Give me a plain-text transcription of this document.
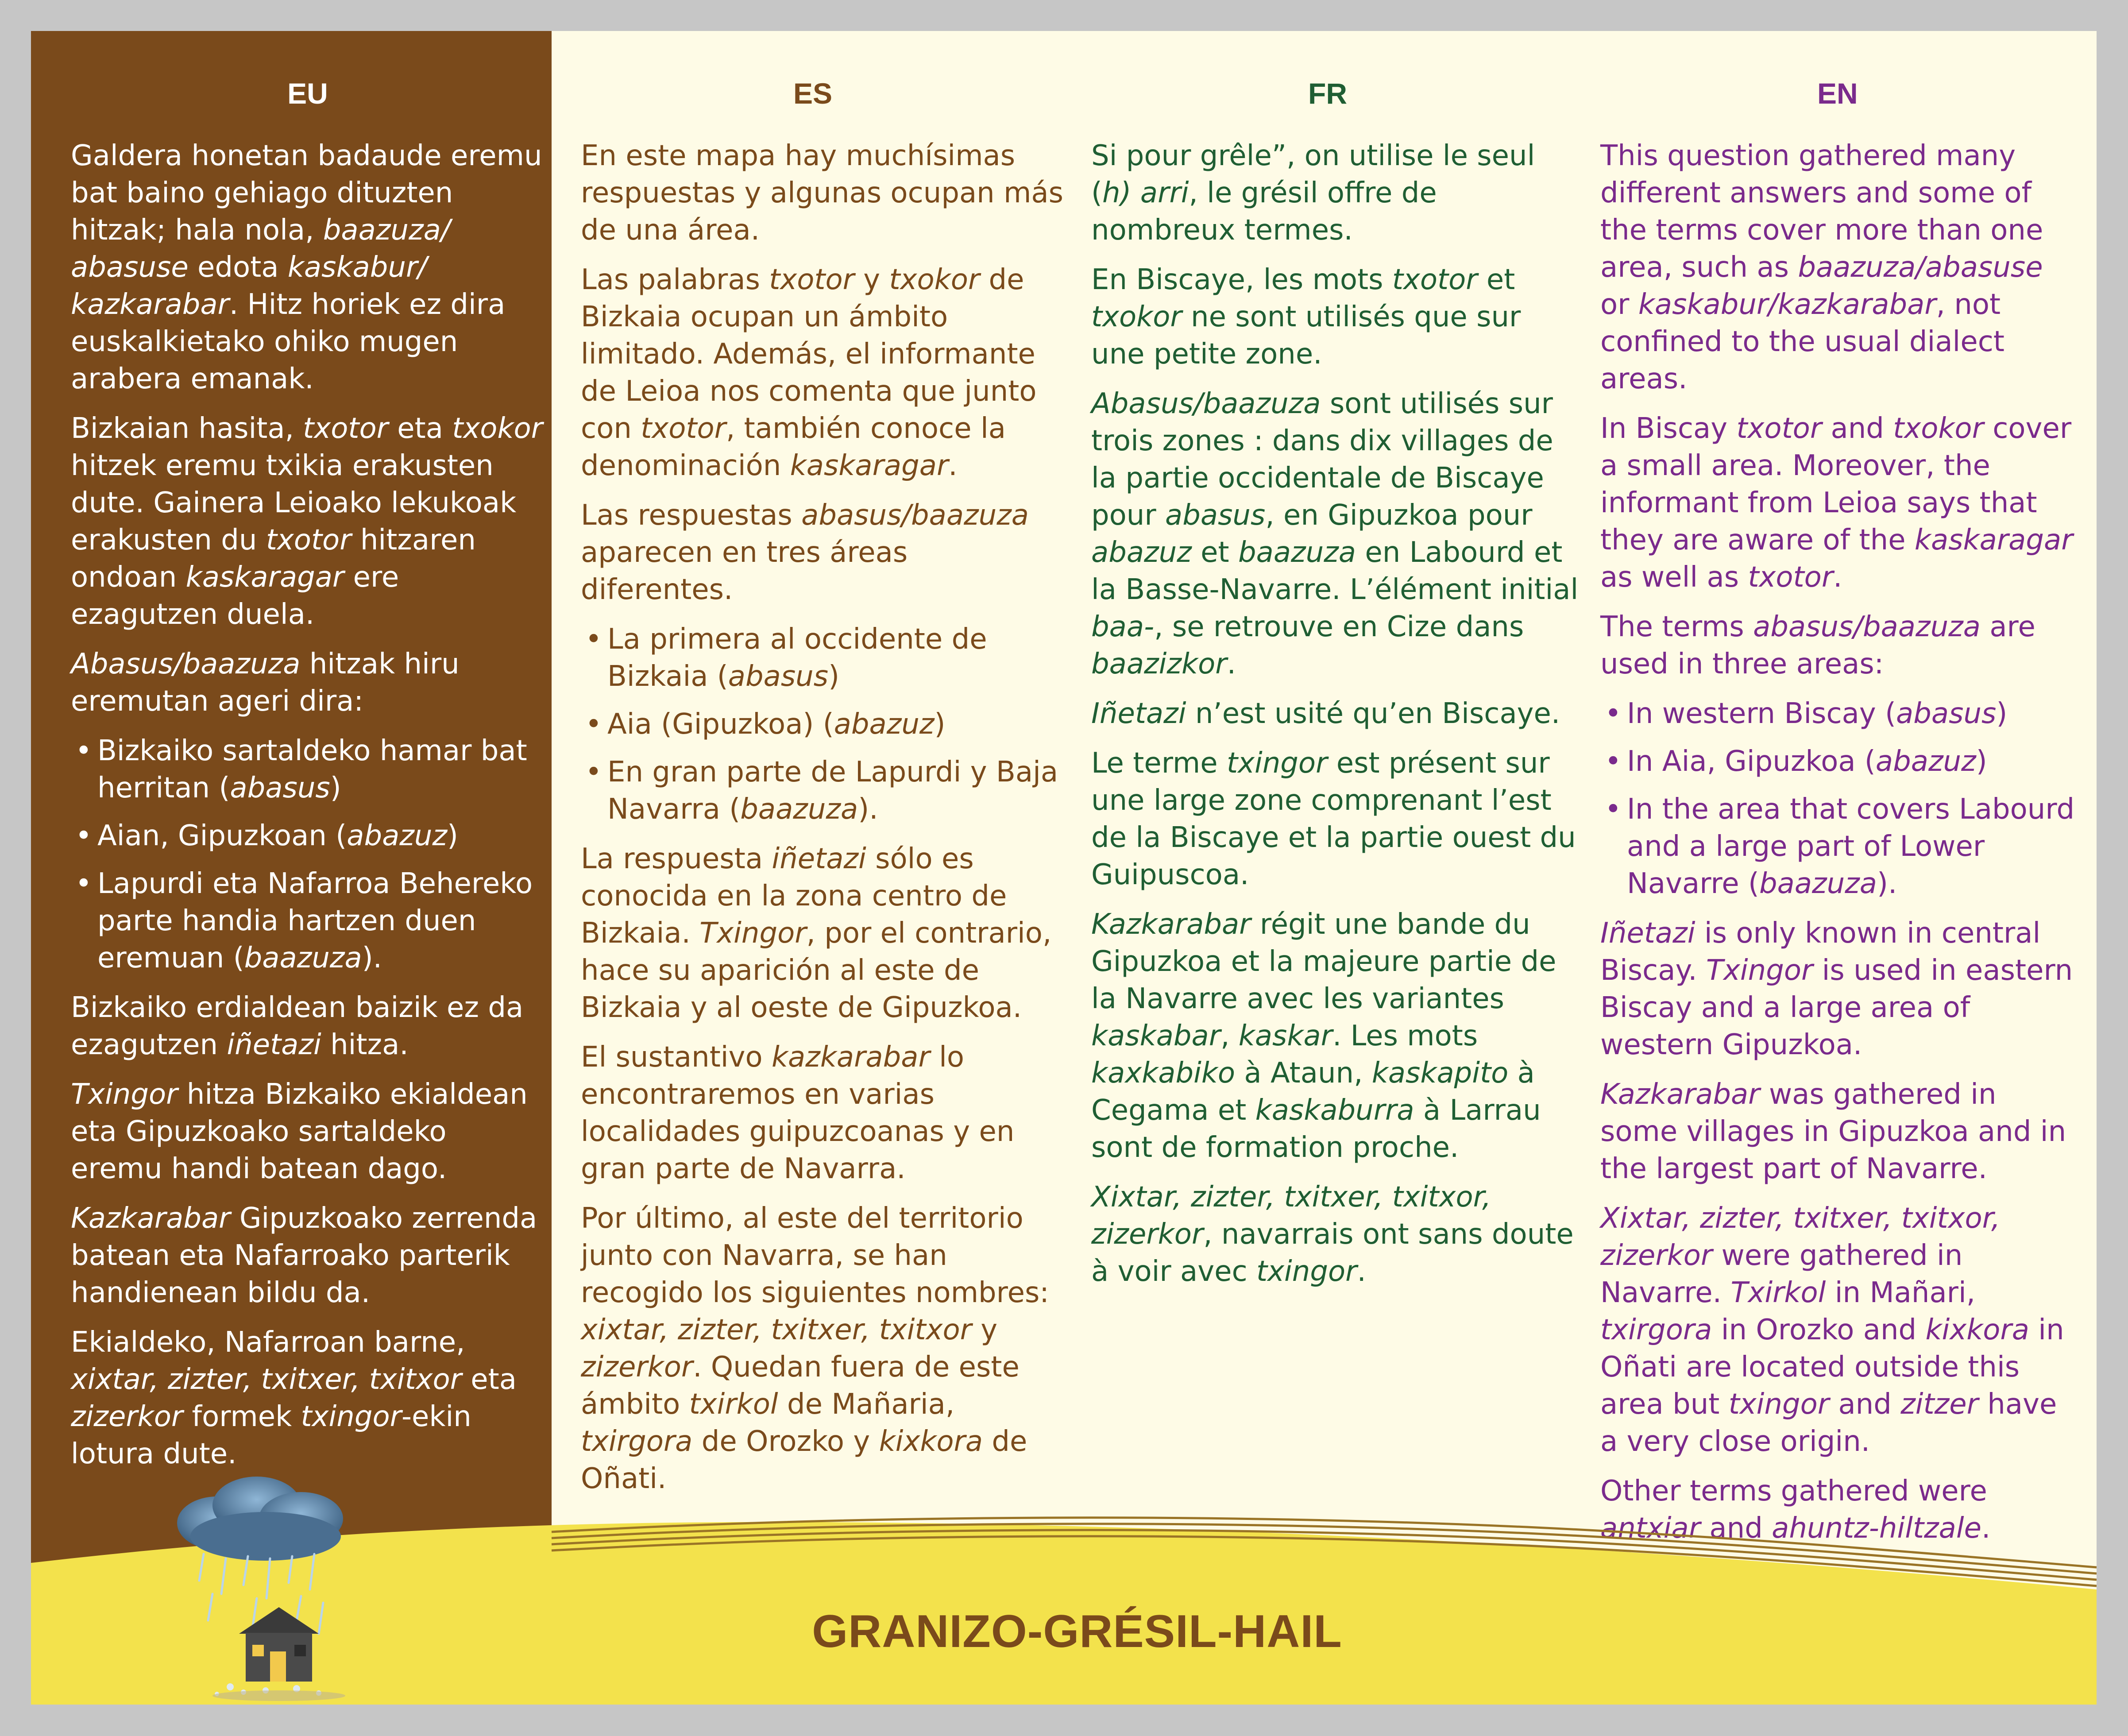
EU

Galdera honetan badaude eremu bat baino gehiago dituzten hitzak; hala nola, baazuza/ abasuse edota kaskabur/ kazkarabar. Hitz horiek ez dira euskalkietako ohiko mugen arabera emanak.

Bizkaian hasita, txotor eta txokor hitzek eremu txikia erakusten dute. Gainera Leioako lekukoak erakusten du txotor hitzaren ondoan kaskaragar ere ezagutzen duela.

Abasus/baazuza hitzak hiru eremutan ageri dira:

• Bizkaiko sartaldeko hamar bat herritan (abasus)
• Aian, Gipuzkoan (abazuz)
• Lapurdi eta Nafarroa Behereko parte handia hartzen duen eremuan (baazuza).

Bizkaiko erdialdean baizik ez da ezagutzen iñetazi hitza.

Txingor hitza Bizkaiko ekialdean eta Gipuzkoako sartaldeko eremu handi batean dago.

Kazkarabar Gipuzkoako zerrenda batean eta Nafarroako parterik handienean bildu da.

Ekialdeko, Nafarroan barne, xixtar, zizter, txitxer, txitxor eta zizerkor formek txingor-ekin lotura dute.

ES

En este mapa hay muchísimas respuestas y algunas ocupan más de una área.

Las palabras txotor y txokor de Bizkaia ocupan un ámbito limitado. Además, el informante de Leioa nos comenta que junto con txotor, también conoce la denominación kaskaragar.

Las respuestas abasus/baazuza aparecen en tres áreas diferentes.

• La primera al occidente de Bizkaia (abasus)
• Aia (Gipuzkoa) (abazuz)
• En gran parte de Lapurdi y Baja Navarra (baazuza).

La respuesta iñetazi sólo es conocida en la zona centro de Bizkaia. Txingor, por el contrario, hace su aparición al este de Bizkaia y al oeste de Gipuzkoa.

El sustantivo kazkarabar lo encontraremos en varias localidades guipuzcoanas y en gran parte de Navarra.

Por último, al este del territorio junto con Navarra, se han recogido los siguientes nombres: xixtar, zizter, txitxer, txitxor y zizerkor. Quedan fuera de este ámbito txirkol de Mañaria, txirgora de Orozko y kixkora de Oñati.

FR

Si pour grêle”, on utilise le seul (h) arri, le grésil offre de nombreux termes.

En Biscaye, les mots txotor et txokor ne sont utilisés que sur une petite zone.

Abasus/baazuza sont utilisés sur trois zones : dans dix villages de la partie occidentale de Biscaye pour abasus, en Gipuzkoa pour abazuz et baazuza en Labourd et la Basse-Navarre. L’élément initial baa-, se retrouve en Cize dans baazizkor.

Iñetazi n’est usité qu’en Biscaye.

Le terme txingor est présent sur une large zone comprenant l’est de la Biscaye et la partie ouest du Guipuscoa.

Kazkarabar régit une bande du Gipuzkoa et la majeure partie de la Navarre avec les variantes kaskabar, kaskar. Les mots kaxkabiko à Ataun, kaskapito à Cegama et kaskaburra à Larrau sont de formation proche.

Xixtar, zizter, txitxer, txitxor, zizerkor, navarrais ont sans doute à voir avec txingor.

EN

This question gathered many different answers and some of the terms cover more than one area, such as baazuza/abasuse or kaskabur/kazkarabar, not confined to the usual dialect areas.

In Biscay txotor and txokor cover a small area. Moreover, the informant from Leioa says that they are aware of the kaskaragar as well as txotor.

The terms abasus/baazuza are used in three areas:

• In western Biscay (abasus)
• In Aia, Gipuzkoa (abazuz)
• In the area that covers Labourd and a large part of Lower Navarre (baazuza).

Iñetazi is only known in central Biscay. Txingor is used in eastern Biscay and a large area of western Gipuzkoa.

Kazkarabar was gathered in some villages in Gipuzkoa and in the largest part of Navarre.

Xixtar, zizter, txitxer, txitxor, zizerkor were gathered in Navarre. Txirkol in Mañari, txirgora in Orozko and kixkora in Oñati are located outside this area but txingor and zitzer have a very close origin.

Other terms gathered were antxiar and ahuntz-hiltzale.

GRANIZO-GRÉSIL-HAIL
